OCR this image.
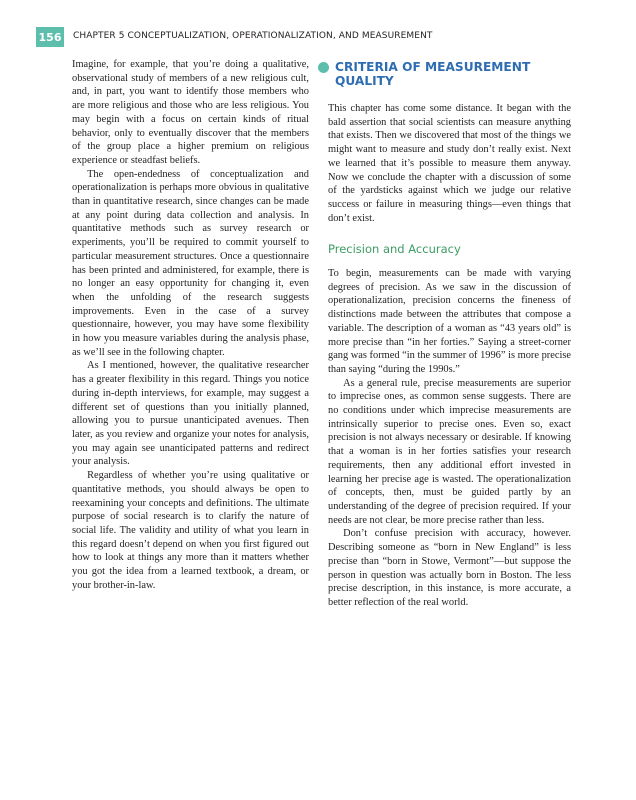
156 CHAPTER 5 CONCEPTUALIZATION, OPERATIONALIZATION, AND MEASUREMENT

Imagine, for example, that you’re doing a qualitative, observational study of members of a new religious cult, and, in part, you want to identify those members who are more religious and those who are less religious. You may begin with a focus on certain kinds of ritual behavior, only to eventually discover that the members of the group place a higher premium on religious experience or steadfast beliefs.

The open-endedness of conceptualization and operationalization is perhaps more obvious in qualitative than in quantitative research, since changes can be made at any point during data collection and analysis. In quantitative methods such as survey research or experiments, you’ll be required to commit yourself to particular measurement structures. Once a questionnaire has been printed and administered, for example, there is no longer an easy opportunity for changing it, even when the unfolding of the research suggests improvements. Even in the case of a survey questionnaire, however, you may have some flexibility in how you measure variables during the analysis phase, as we’ll see in the following chapter.

As I mentioned, however, the qualitative researcher has a greater flexibility in this regard. Things you notice during in-depth interviews, for example, may suggest a different set of questions than you initially planned, allowing you to pursue unanticipated avenues. Then later, as you review and organize your notes for analysis, you may again see unanticipated patterns and redirect your analysis.

Regardless of whether you’re using qualitative or quantitative methods, you should always be open to reexamining your concepts and definitions. The ultimate purpose of social research is to clarify the nature of social life. The validity and utility of what you learn in this regard doesn’t depend on when you first figured out how to look at things any more than it matters whether you got the idea from a learned textbook, a dream, or your brother-in-law.

CRITERIA OF MEASUREMENT QUALITY

This chapter has come some distance. It began with the bald assertion that social scientists can measure anything that exists. Then we discovered that most of the things we might want to measure and study don’t really exist. Next we learned that it’s possible to measure them anyway. Now we conclude the chapter with a discussion of some of the yardsticks against which we judge our relative success or failure in measuring things—even things that don’t exist.

Precision and Accuracy

To begin, measurements can be made with varying degrees of precision. As we saw in the discussion of operationalization, precision concerns the fineness of distinctions made between the attributes that compose a variable. The description of a woman as “43 years old” is more precise than “in her forties.” Saying a street-corner gang was formed “in the summer of 1996” is more precise than saying “during the 1990s.”

As a general rule, precise measurements are superior to imprecise ones, as common sense suggests. There are no conditions under which imprecise measurements are intrinsically superior to precise ones. Even so, exact precision is not always necessary or desirable. If knowing that a woman is in her forties satisfies your research requirements, then any additional effort invested in learning her precise age is wasted. The operationalization of concepts, then, must be guided partly by an understanding of the degree of precision required. If your needs are not clear, be more precise rather than less.

Don’t confuse precision with accuracy, however. Describing someone as “born in New England” is less precise than “born in Stowe, Vermont”—but suppose the person in question was actually born in Boston. The less precise description, in this instance, is more accurate, a better reflection of the real world.
